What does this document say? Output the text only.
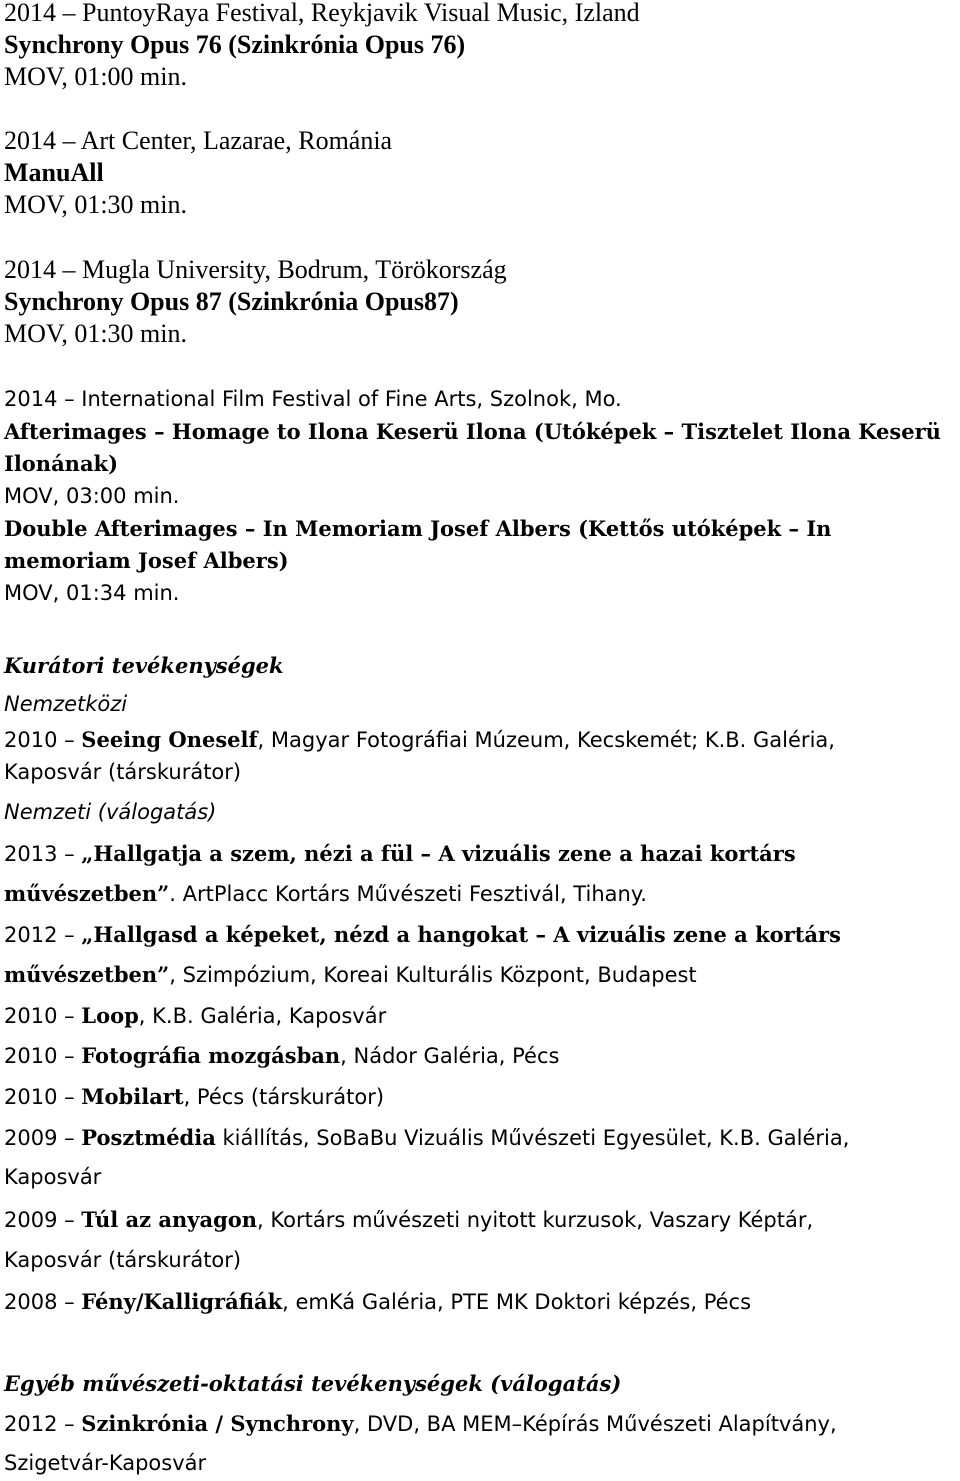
2014 – PuntoyRaya Festival, Reykjavik Visual Music, Izland
Synchrony Opus 76 (Szinkrónia Opus 76)
MOV, 01:00 min.
2014 – Art Center, Lazarae, Románia
ManuAll
MOV, 01:30 min.
2014 – Mugla University, Bodrum, Törökország
Synchrony Opus 87 (Szinkrónia Opus87)
MOV, 01:30 min.
2014 – International Film Festival of Fine Arts, Szolnok, Mo.
Afterimages – Homage to Ilona Keserü Ilona (Utóképek – Tisztelet Ilona Keserü
Ilonának)
MOV, 03:00 min.
Double Afterimages – In Memoriam Josef Albers (Kettős utóképek – In
memoriam Josef Albers)
MOV, 01:34 min.
Kurátori tevékenységek
Nemzetközi
2010 – Seeing Oneself, Magyar Fotográfiai Múzeum, Kecskemét; K.B. Galéria,
Kaposvár (társkurátor)
Nemzeti (válogatás)
2013 – „Hallgatja a szem, nézi a fül – A vizuális zene a hazai kortárs
művészetben”. ArtPlacc Kortárs Művészeti Fesztivál, Tihany.
2012 – „Hallgasd a képeket, nézd a hangokat – A vizuális zene a kortárs
művészetben”, Szimpózium, Koreai Kulturális Központ, Budapest
2010 – Loop, K.B. Galéria, Kaposvár
2010 – Fotográfia mozgásban, Nádor Galéria, Pécs
2010 – Mobilart, Pécs (társkurátor)
2009 – Posztmédia kiállítás, SoBaBu Vizuális Művészeti Egyesület, K.B. Galéria,
Kaposvár
2009 – Túl az anyagon, Kortárs művészeti nyitott kurzusok, Vaszary Képtár,
Kaposvár (társkurátor)
2008 – Fény/Kalligráfiák, emKá Galéria, PTE MK Doktori képzés, Pécs
Egyéb művészeti-oktatási tevékenységek (válogatás)
2012 – Szinkrónia / Synchrony, DVD, BA MEM–Képírás Művészeti Alapítvány,
Szigetvár-Kaposvár
